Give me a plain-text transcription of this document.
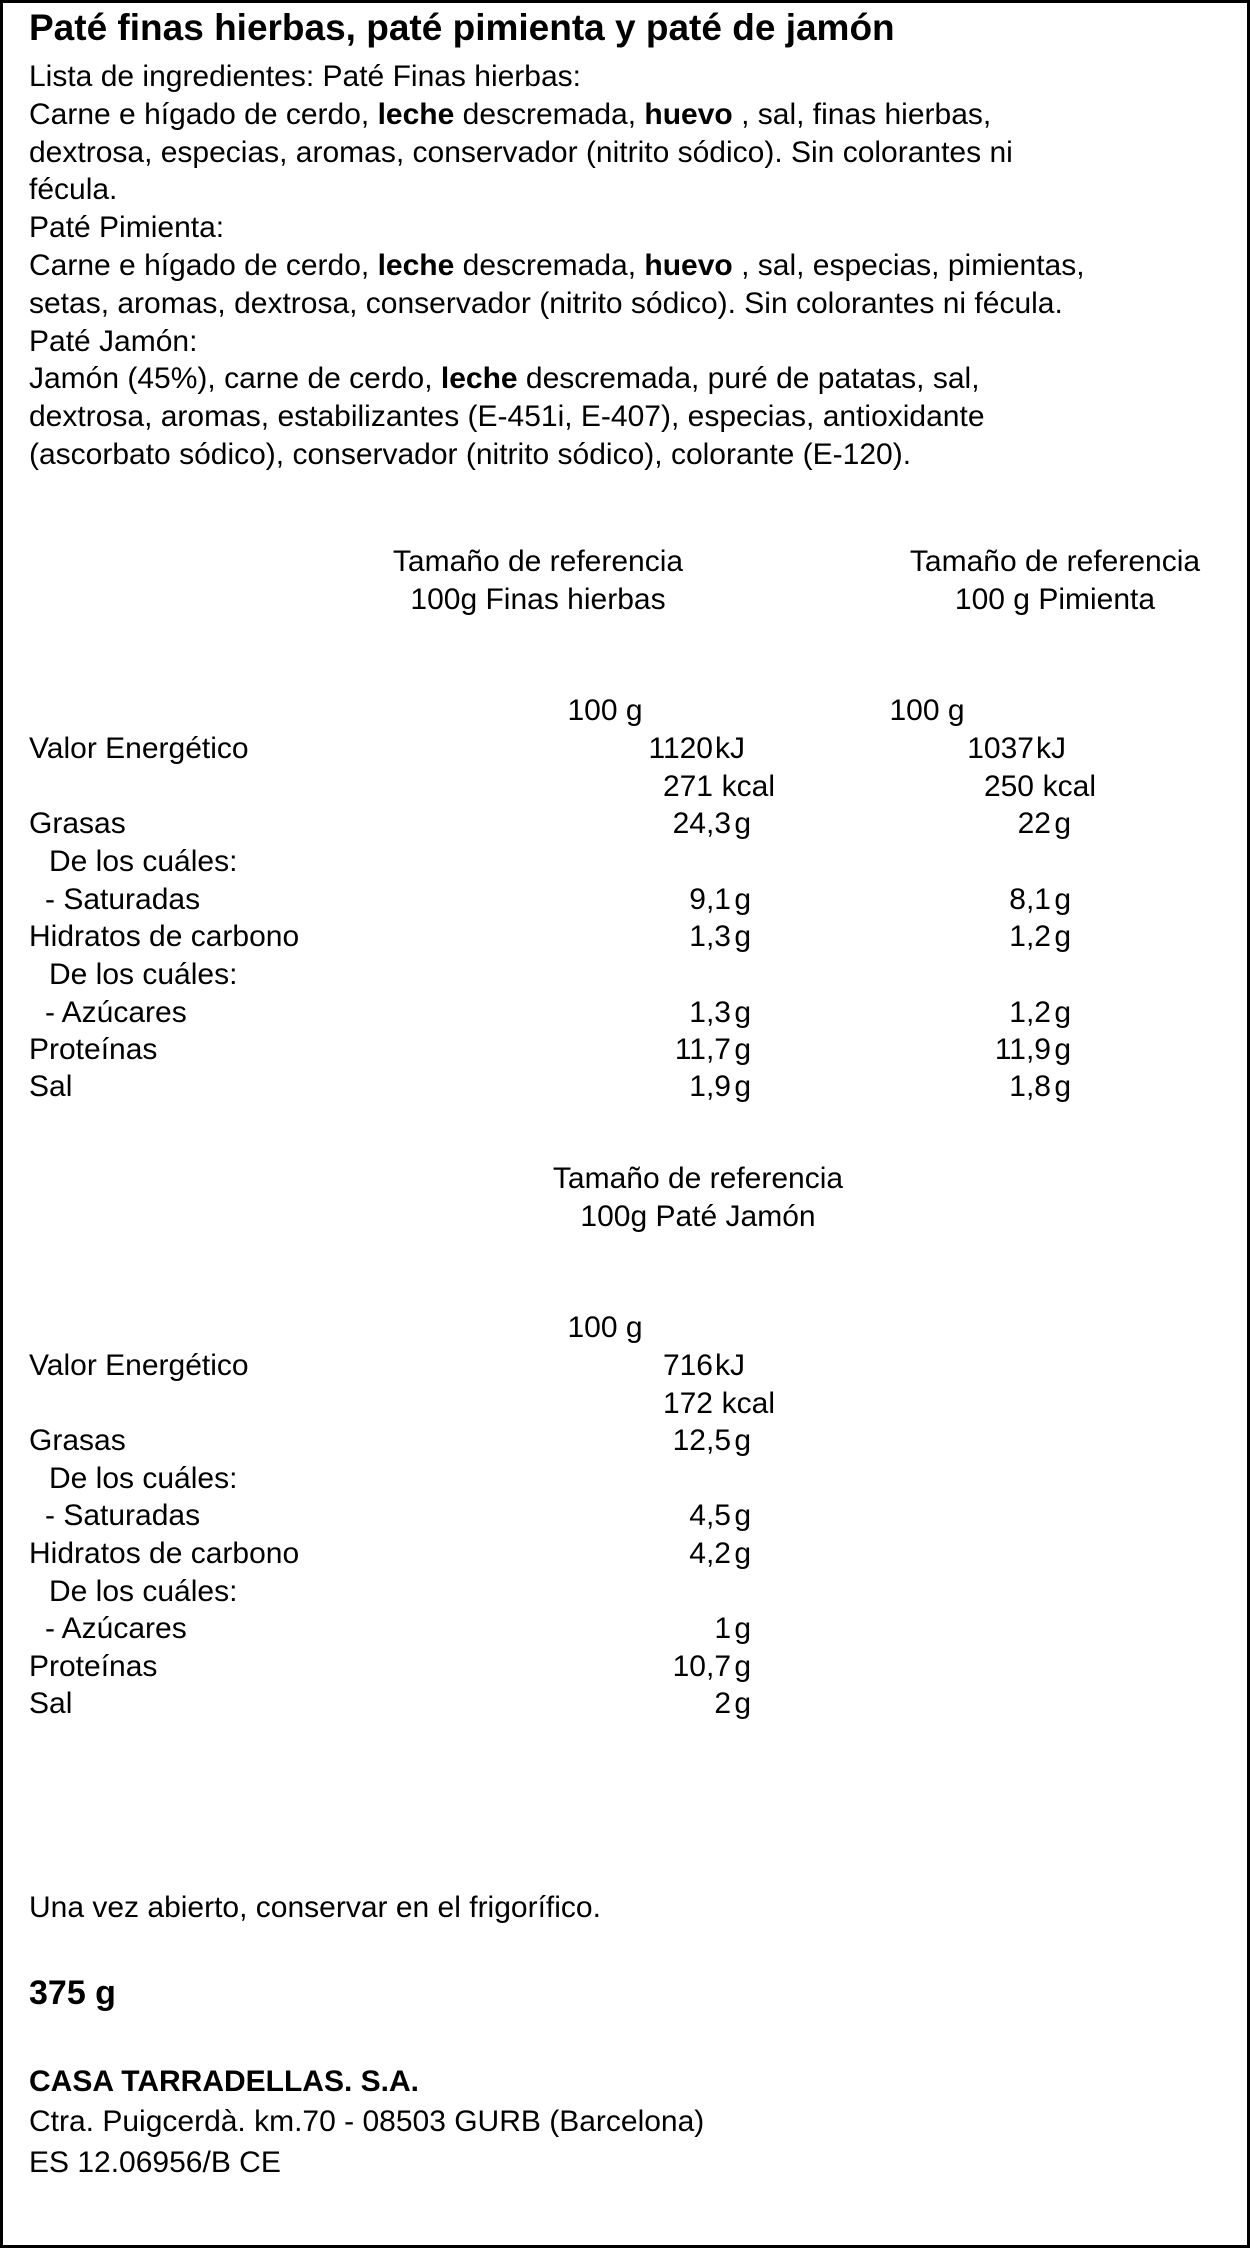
Paté finas hierbas, paté pimienta y paté de jamón
Lista de ingredientes: Paté Finas hierbas:
Carne e hígado de cerdo, leche descremada, huevo , sal, finas hierbas,
dextrosa, especias, aromas, conservador (nitrito sódico). Sin colorantes ni
fécula.
Paté Pimienta:
Carne e hígado de cerdo, leche descremada, huevo , sal, especias, pimientas,
setas, aromas, dextrosa, conservador (nitrito sódico). Sin colorantes ni fécula.
Paté Jamón:
Jamón (45%), carne de cerdo, leche descremada, puré de patatas, sal,
dextrosa, aromas, estabilizantes (E-451i, E-407), especias, antioxidante
(ascorbato sódico), conservador (nitrito sódico), colorante (E-120).
Tamaño de referencia
100g Finas hierbas
Tamaño de referencia
100 g Pimienta
100 g	100 g
Valor Energético	1120 kJ	1037 kJ
271 kcal	250 kcal
Grasas	24,3 g	22 g
De los cuáles:
- Saturadas	9,1 g	8,1 g
Hidratos de carbono	1,3 g	1,2 g
De los cuáles:
- Azúcares	1,3 g	1,2 g
Proteínas	11,7 g	11,9 g
Sal	1,9 g	1,8 g
Tamaño de referencia
100g Paté Jamón
100 g
Valor Energético	716 kJ
172 kcal
Grasas	12,5 g
De los cuáles:
- Saturadas	4,5 g
Hidratos de carbono	4,2 g
De los cuáles:
- Azúcares	1 g
Proteínas	10,7 g
Sal	2 g
Una vez abierto, conservar en el frigorífico.
375 g
CASA TARRADELLAS. S.A.
Ctra. Puigcerdà. km.70 - 08503 GURB (Barcelona)
ES 12.06956/B CE
